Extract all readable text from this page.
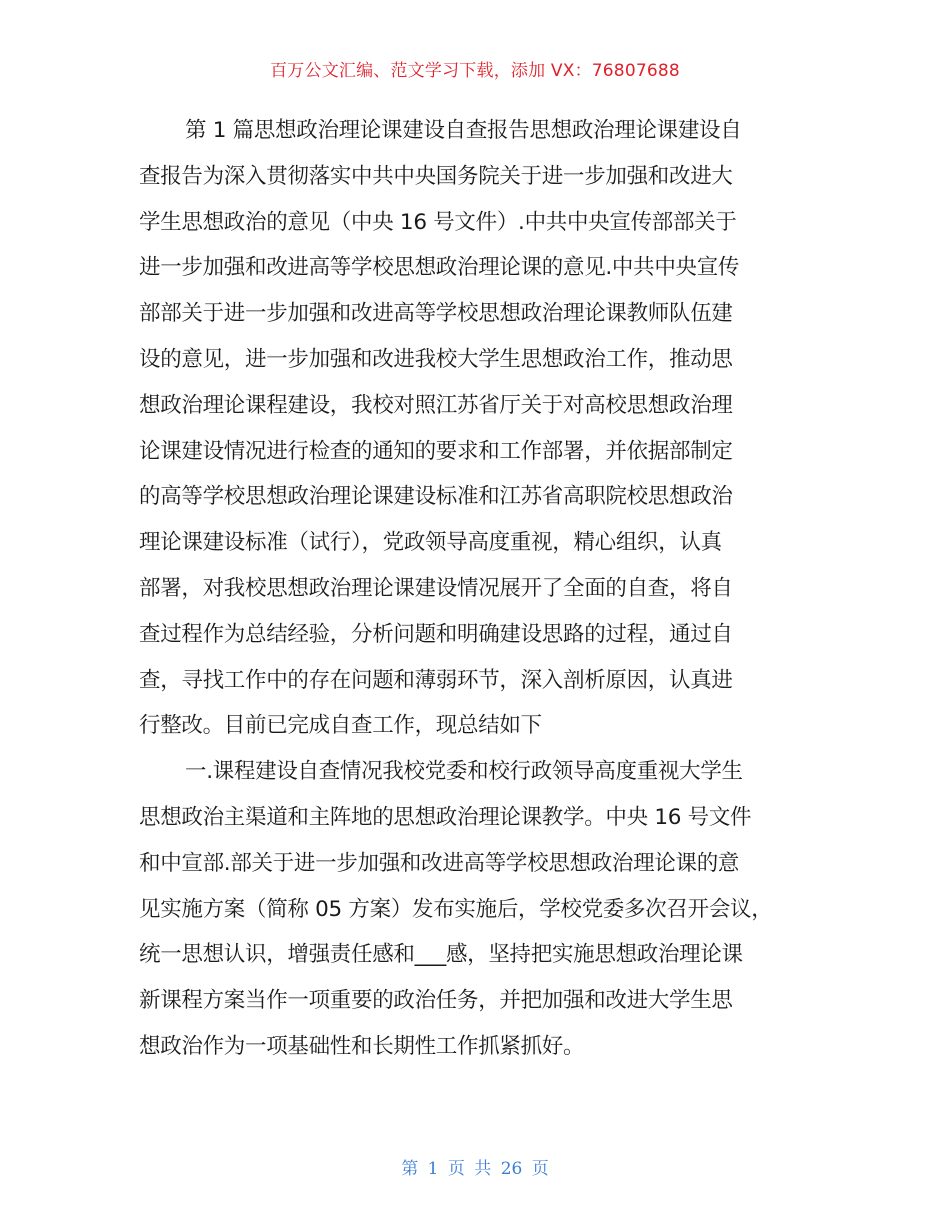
百万公文汇编、范文学习下载，添加 VX：76807688
第 1 篇思想政治理论课建设自查报告思想政治理论课建设自
查报告为深入贯彻落实中共中央国务院关于进一步加强和改进大
学生思想政治的意见（中央 16 号文件）.中共中央宣传部部关于
进一步加强和改进高等学校思想政治理论课的意见.中共中央宣传
部部关于进一步加强和改进高等学校思想政治理论课教师队伍建
设的意见，进一步加强和改进我校大学生思想政治工作，推动思
想政治理论课程建设，我校对照江苏省厅关于对高校思想政治理
论课建设情况进行检查的通知的要求和工作部署，并依据部制定
的高等学校思想政治理论课建设标准和江苏省高职院校思想政治
理论课建设标准（试行），党政领导高度重视，精心组织，认真
部署，对我校思想政治理论课建设情况展开了全面的自查，将自
查过程作为总结经验，分析问题和明确建设思路的过程，通过自
查，寻找工作中的存在问题和薄弱环节，深入剖析原因，认真进
行整改。目前已完成自查工作，现总结如下
一.课程建设自查情况我校党委和校行政领导高度重视大学生
思想政治主渠道和主阵地的思想政治理论课教学。中央 16 号文件
和中宣部.部关于进一步加强和改进高等学校思想政治理论课的意
见实施方案（简称 05 方案）发布实施后，学校党委多次召开会议，
统一思想认识，增强责任感和___感，坚持把实施思想政治理论课
新课程方案当作一项重要的政治任务，并把加强和改进大学生思
想政治作为一项基础性和长期性工作抓紧抓好。
第 1 页 共 26 页
